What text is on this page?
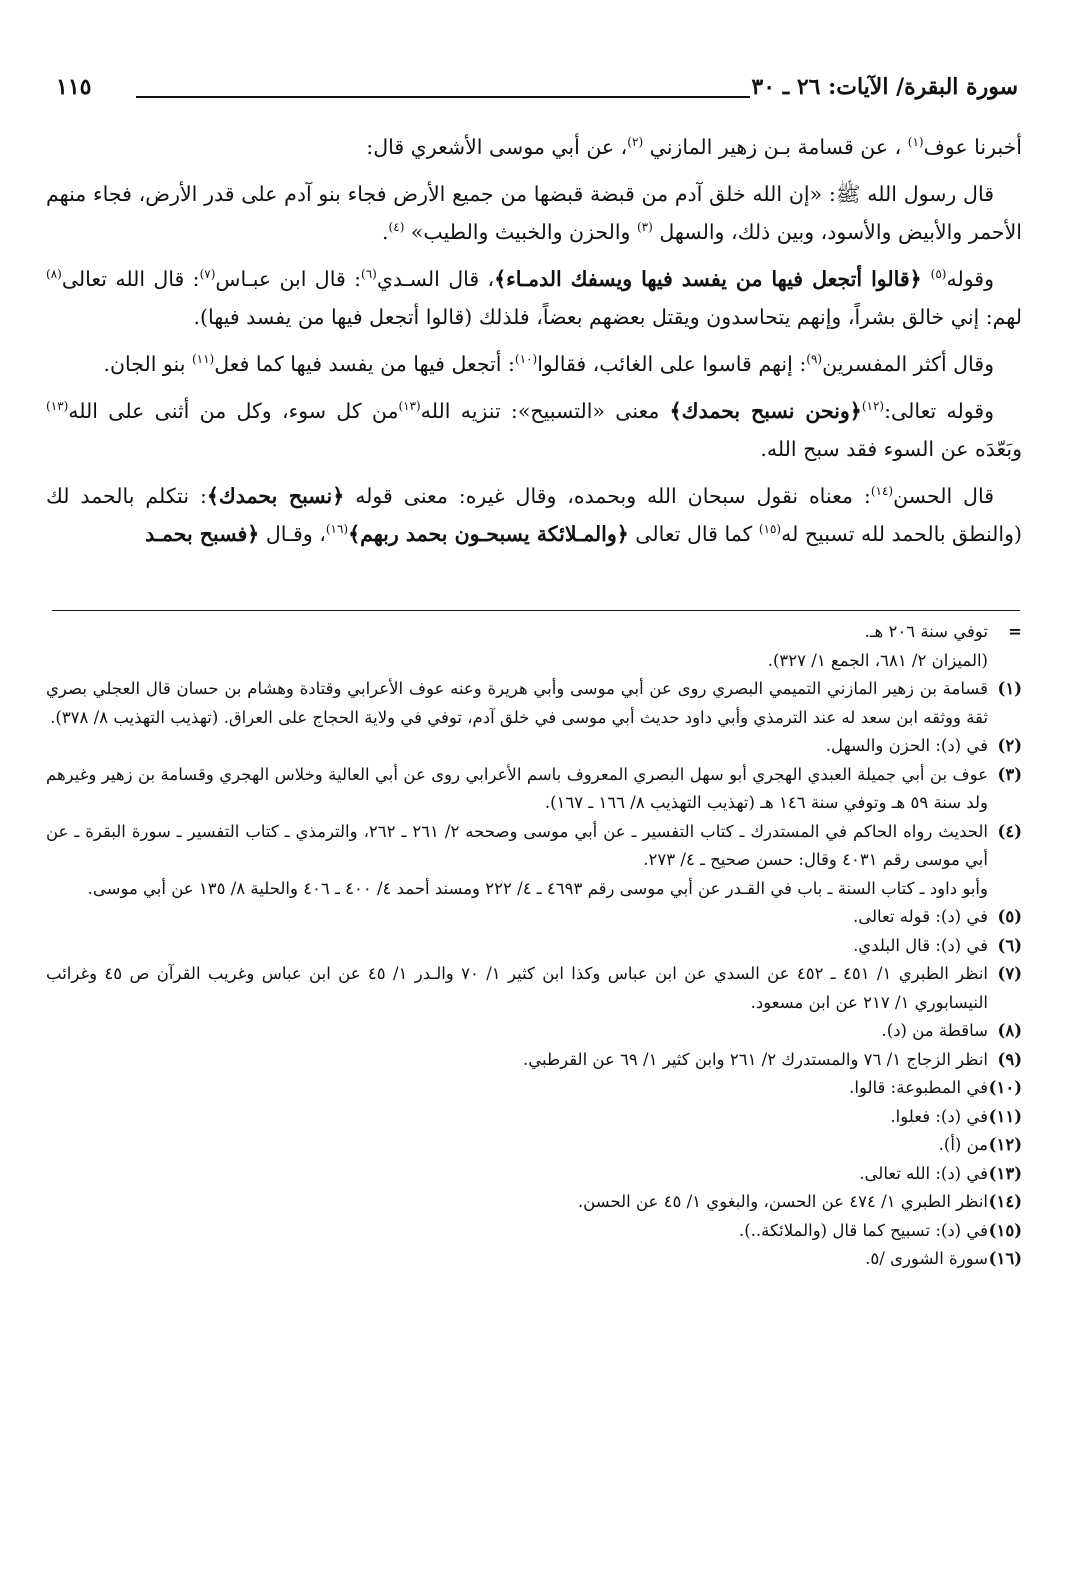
سورة البقرة/ الآيات: ٢٦ ـ ٣٠
١١٥

أخبرنا عوف$^{(١)}$ ، عن قسامة بـن زهير المازني $^{(٢)}$، عن أبي موسى الأشعري قال:

قال رسول الله ﷺ: «إن الله خلق آدم من قبضة قبضها من جميع الأرض فجاء بنو آدم على قدر الأرض، فجاء منهم الأحمر والأبيض والأسود، وبين ذلك، والسهل $^{(٣)}$ والحزن والخبيث والطيب» $^{(٤)}$.

وقوله$^{(٥)}$ ﴿قالوا أتجعل فيها من يفسد فيها ويسفك الدمـاء﴾، قال السـدي$^{(٦)}$: قال ابن عبـاس$^{(٧)}$: قال الله تعالى$^{(٨)}$ لهم: إني خالق بشراً، وإنهم يتحاسدون ويقتل بعضهم بعضاً، فلذلك (قالوا أتجعل فيها من يفسد فيها).

وقال أكثر المفسرين$^{(٩)}$: إنهم قاسوا على الغائب، فقالوا$^{(١٠)}$: أتجعل فيها من يفسد فيها كما فعل$^{(١١)}$ بنو الجان.

وقوله تعالى:$^{(١٢)}$﴿ونحن نسبح بحمدك﴾ معنى «التسبيح»: تنزيه الله$^{(١٣)}$من كل سوء، وكل من أثنى على الله$^{(١٣)}$ وبَعّدَه عن السوء فقد سبح الله.

قال الحسن$^{(١٤)}$: معناه نقول سبحان الله وبحمده، وقال غيره: معنى قوله ﴿نسبح بحمدك﴾: نتكلم بالحمد لك (والنطق بالحمد لله تسبيح له$^{(١٥)}$ كما قال تعالى ﴿والمـلائكة يسبحـون بحمد ربهم﴾$^{(١٦)}$، وقـال ﴿فسبح بحمـد

=
توفي سنة ٢٠٦ هـ.
(الميزان ٢/ ٦٨١، الجمع ١/ ٣٢٧).
(١)
قسامة بن زهير المازني التميمي البصري روى عن أبي موسى وأبي هريرة وعنه عوف الأعرابي وقتادة وهشام بن حسان قال العجلي بصري ثقة ووثقه ابن سعد له عند الترمذي وأبي داود حديث أبي موسى في خلق آدم، توفي في ولاية الحجاج على العراق. (تهذيب التهذيب ٨/ ٣٧٨).
(٢)
في (د): الحزن والسهل.
(٣)
عوف بن أبي جميلة العبدي الهجري أبو سهل البصري المعروف باسم الأعرابي روى عن أبي العالية وخلاس الهجري وقسامة بن زهير وغيرهم ولد سنة ٥٩ هـ وتوفي سنة ١٤٦ هـ (تهذيب التهذيب ٨/ ١٦٦ ـ ١٦٧).
(٤)
الحديث رواه الحاكم في المستدرك ـ كتاب التفسير ـ عن أبي موسى وصححه ٢/ ٢٦١ ـ ٢٦٢، والترمذي ـ كتاب التفسير ـ سورة البقرة ـ عن أبي موسى رقم ٤٠٣١ وقال: حسن صحيح ـ ٤/ ٢٧٣.
وأبو داود ـ كتاب السنة ـ باب في القـدر عن أبي موسى رقم ٤٦٩٣ ـ ٤/ ٢٢٢ ومسند أحمد ٤/ ٤٠٠ ـ ٤٠٦ والحلية ٨/ ١٣٥ عن أبي موسى.
(٥)
في (د): قوله تعالى.
(٦)
في (د): قال البلدي.
(٧)
انظر الطبري ١/ ٤٥١ ـ ٤٥٢ عن السدي عن ابن عباس وكذا ابن كثير ١/ ٧٠ والـدر ١/ ٤٥ عن ابن عباس وغريب القرآن ص ٤٥ وغرائب النيسابوري ١/ ٢١٧ عن ابن مسعود.
(٨)
ساقطة من (د).
(٩)
انظر الزجاج ١/ ٧٦ والمستدرك ٢/ ٢٦١ وابن كثير ١/ ٦٩ عن القرطبي.
(١٠)
في المطبوعة: قالوا.
(١١)
في (د): فعلوا.
(١٢)
من (أ).
(١٣)
في (د): الله تعالى.
(١٤)
انظر الطبري ١/ ٤٧٤ عن الحسن، والبغوي ١/ ٤٥ عن الحسن.
(١٥)
في (د): تسبيح كما قال (والملائكة..).
(١٦)
سورة الشورى /٥.
